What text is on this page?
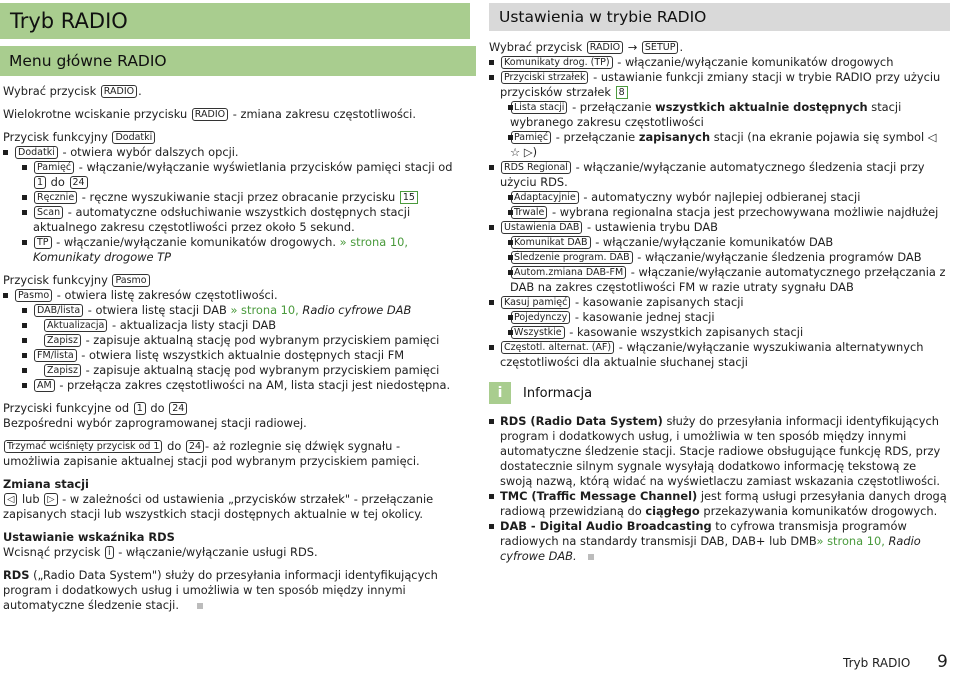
Tryb RADIO	Ustawienia w trybie RADIO
Menu główne RADIO

Wybrać przycisk RADIO .

Wielokrotne wciskanie przycisku RADIO - zmiana zakresu częstotliwości.

Przycisk funkcyjny Dodatki

Dodatki - otwiera wybór dalszych opcji.

Pamięć - włączanie/wyłączanie wyświetlania przycisków pamięci stacji od 1 do 24

Ręcznie - ręczne wyszukiwanie stacji przez obracanie przycisku 15

Scan - automatyczne odsłuchiwanie wszystkich dostępnych stacji aktualnego zakresu częstotliwości przez około 5 sekund.

TP - włączanie/wyłączanie komunikatów drogowych. » strona 10, Komunikaty drogowe TP

Przycisk funkcyjny Pasmo

Pasmo - otwiera listę zakresów częstotliwości.

DAB/lista - otwiera listę stacji DAB » strona 10, Radio cyfrowe DAB

Aktualizacja - aktualizacja listy stacji DAB

Zapisz - zapisuje aktualną stację pod wybranym przyciskiem pamięci

FM/lista - otwiera listę wszystkich aktualnie dostępnych stacji FM

Zapisz - zapisuje aktualną stację pod wybranym przyciskiem pamięci

AM - przełącza zakres częstotliwości na AM, lista stacji jest niedostępna.

Przyciski funkcyjne od 1 do 24

Bezpośredni wybór zaprogramowanej stacji radiowej.

Trzymać wciśnięty przycisk od 1 do 24 - aż rozlegnie się dźwięk sygnału - umożliwia zapisanie aktualnej stacji pod wybranym przyciskiem pamięci.

Zmiana stacji

◁ lub ▷ - w zależności od ustawienia „przycisków strzałek" - przełączanie zapisanych stacji lub wszystkich stacji dostępnych aktualnie w tej okolicy.

Ustawianie wskaźnika RDS

Wcisnąć przycisk i - włączanie/wyłączanie usługi RDS.

RDS („Radio Data System") służy do przesyłania informacji identyfikujących program i dodatkowych usług i umożliwia w ten sposób między innymi automatyczne śledzenie stacji.

Wybrać przycisk RADIO → SETUP .

Komunikaty drog. (TP) - włączanie/wyłączanie komunikatów drogowych

Przyciski strzałek - ustawianie funkcji zmiany stacji w trybie RADIO przy użyciu przycisków strzałek 8

Lista stacji - przełączanie wszystkich aktualnie dostępnych stacji wybranego zakresu częstotliwości

Pamięć - przełączanie zapisanych stacji (na ekranie pojawia się symbol ◁ ☆ ▷)

RDS Regional - włączanie/wyłączanie automatycznego śledzenia stacji przy użyciu RDS.

Adaptacyjnie - automatyczny wybór najlepiej odbieranej stacji

Trwale - wybrana regionalna stacja jest przechowywana możliwie najdłużej

Ustawienia DAB - ustawienia trybu DAB

Komunikat DAB - włączanie/wyłączanie komunikatów DAB

Śledzenie program. DAB - włączanie/wyłączanie śledzenia programów DAB

Autom.zmiana DAB-FM - włączanie/wyłączanie automatycznego przełączania z DAB na zakres częstotliwości FM w razie utraty sygnału DAB

Kasuj pamięć - kasowanie zapisanych stacji

Pojedynczy - kasowanie jednej stacji

Wszystkie - kasowanie wszystkich zapisanych stacji

Częstotl. alternat. (AF) - włączanie/wyłączanie wyszukiwania alternatywnych częstotliwości dla aktualnie słuchanej stacji

i	Informacja

RDS (Radio Data System) służy do przesyłania informacji identyfikujących program i dodatkowych usług, i umożliwia w ten sposób między innymi automatyczne śledzenie stacji. Stacje radiowe obsługujące funkcję RDS, przy dostatecznie silnym sygnale wysyłają dodatkowo informację tekstową ze swoją nazwą, którą widać na wyświetlaczu zamiast wskazania częstotliwości.

TMC (Traffic Message Channel) jest formą usługi przesyłania danych drogą radiową przewidzianą do ciągłego przekazywania komunikatów drogowych.

DAB - Digital Audio Broadcasting to cyfrowa transmisja programów radiowych na standardy transmisji DAB, DAB+ lub DMB» strona 10, Radio cyfrowe DAB.

Tryb RADIO 9
